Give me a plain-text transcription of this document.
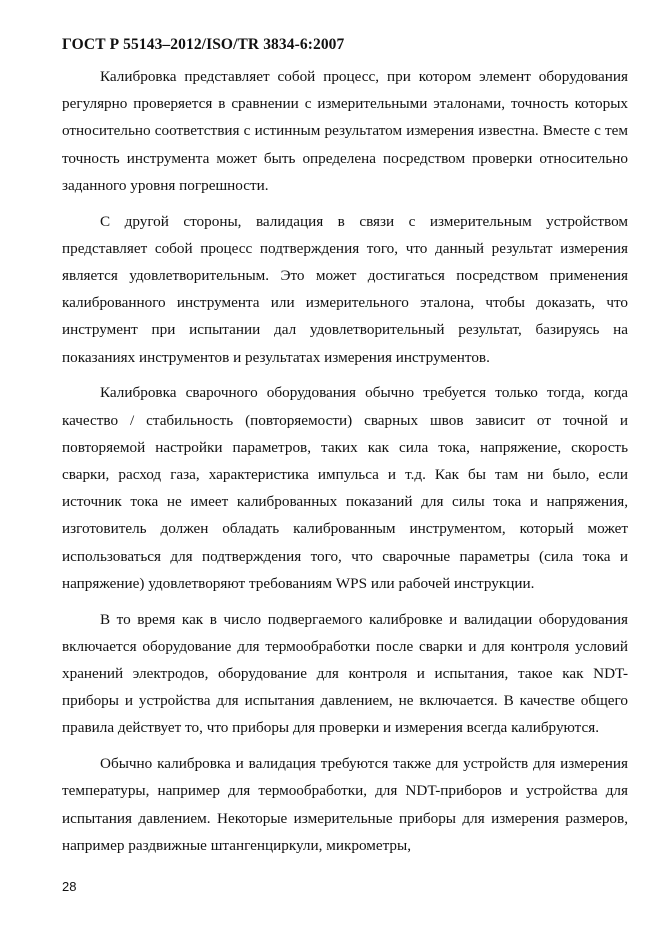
ГОСТ Р 55143–2012/ISO/TR 3834-6:2007

Калибровка представляет собой процесс, при котором элемент оборудования регулярно проверяется в сравнении с измерительными эталонами, точность которых относительно соответствия с истинным результатом измерения известна. Вместе с тем точность инструмента может быть определена посредством проверки относительно заданного уровня погрешности.

С другой стороны, валидация в связи с измерительным устройством представляет собой процесс подтверждения того, что данный результат измерения является удовлетворительным. Это может достигаться посредством применения калиброванного инструмента или измерительного эталона, чтобы доказать, что инструмент при испытании дал удовлетворительный результат, базируясь на показаниях инструментов и результатах измерения инструментов.

Калибровка сварочного оборудования обычно требуется только тогда, когда качество / стабильность (повторяемости) сварных швов зависит от точной и повторяемой настройки параметров, таких как сила тока, напряжение, скорость сварки, расход газа, характеристика импульса и т.д. Как бы там ни было, если источник тока не имеет калиброванных показаний для силы тока и напряжения, изготовитель должен обладать калиброванным инструментом, который может использоваться для подтверждения того, что сварочные параметры (сила тока и напряжение) удовлетворяют требованиям WPS или рабочей инструкции.

В то время как в число подвергаемого калибровке и валидации оборудования включается оборудование для термообработки после сварки и для контроля условий хранений электродов, оборудование для контроля и испытания, такое как NDT-приборы и устройства для испытания давлением, не включается. В качестве общего правила действует то, что приборы для проверки и измерения всегда калибруются.

Обычно калибровка и валидация требуются также для устройств для измерения температуры, например для термообработки, для NDT-приборов и устройства для испытания давлением. Некоторые измерительные приборы для измерения размеров, например раздвижные штангенциркули, микрометры,

28
